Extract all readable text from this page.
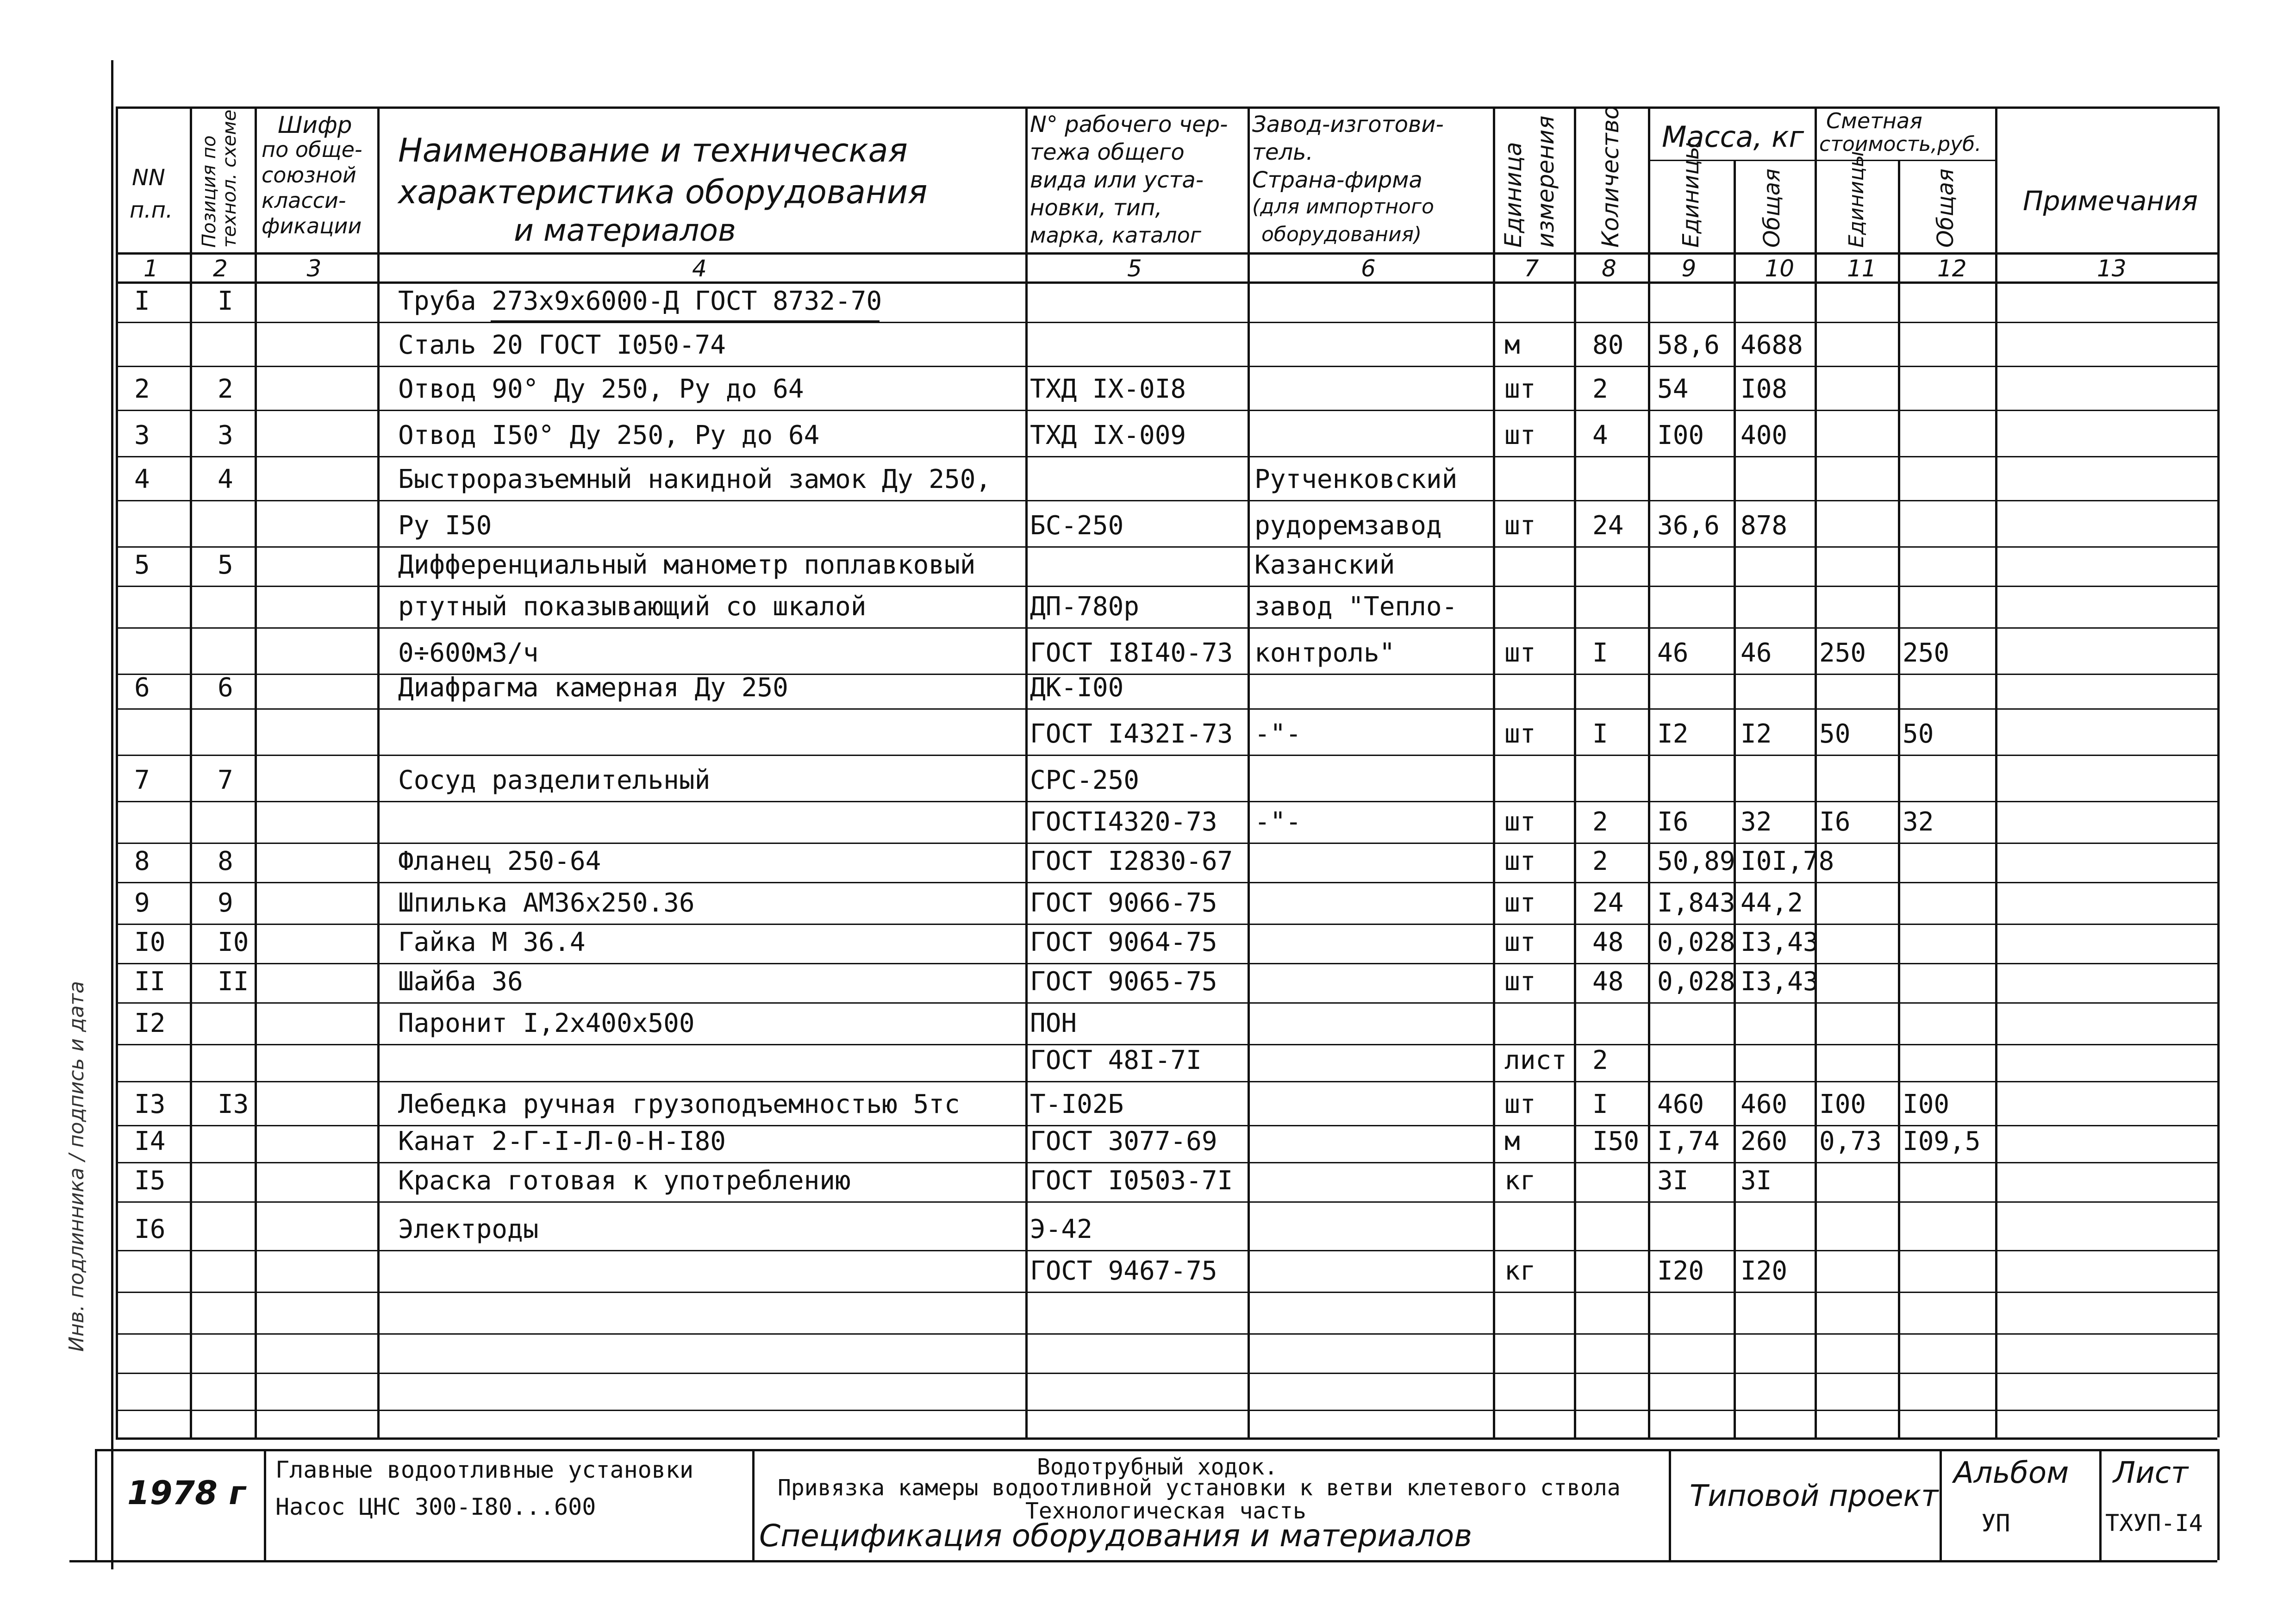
Инв. подлинника / подпись и дата
NN
п.п. Позиция по технол. схеме Шифр
по обще-
союзной
класси-
фикации
Наименование и техническая
характеристика оборудования
и материалов
N° рабочего чер-
тежа общего
вида или уста-
новки, тип,
марка, каталог
Завод-изготови-
тель.
Страна-фирма
(для импортного
оборудования)	Единица измерения Количество Масса, кг
Единицы Общая
Сметная
стоимость,руб.
Единицы	Общая Примечания
1 2	3	4	5	6	7	8	9	10 11	12	13
I	I	Труба 273х9х6000-Д ГОСТ 8732-70
Сталь 20 ГОСТ I050-74	м	80 58,6 4688
2	2	Отвод 90° Ду 250, Ру до 64	ТХД IХ-0I8	шт 2 54 I08
3	3	Отвод I50° Ду 250, Ру до 64	ТХД IХ-009	шт 4 I00 400
4	4	Быстроразъемный накидной замок Ду 250,	Рутченковский
Ру I50	БС-250	рудоремзавод шт 24 36,6 878
5	5	Дифференциальный манометр поплавковый	Казанский
ртутный показывающий со шкалой	ДП-780р	завод "Тепло-
0÷600м3/ч	ГОСТ I8I40-73 контроль"	шт I 46 46 250 250
6	6	Диафрагма камерная Ду 250	ДК-I00
ГОСТ I432I-73 -"-	шт I I2 I2 50 50
7	7	Сосуд разделительный	СРС-250
ГОСТI4320-73 -"-	шт 2 I6 32 I6 32
8	8	Фланец 250-64	ГОСТ I2830-67	шт 2 50,89 I0I,78
9	9	Шпилька АМ36х250.36	ГОСТ 9066-75	шт 24 I,843 44,2
I0 I0	Гайка М 36.4	ГОСТ 9064-75	шт 48 0,028 I3,43
II II	Шайба 36	ГОСТ 9065-75	шт 48 0,028 I3,43
I2	Паронит I,2х400х500	ПОН
ГОСТ 48I-7I	лист 2
I3 I3	Лебедка ручная грузоподъемностью 5тс	Т-I02Б	шт I 460 460 I00 I00
I4	Канат 2-Г-I-Л-0-Н-I80	ГОСТ 3077-69	м	I50 I,74 260 0,73 I09,5
I5	Краска готовая к употреблению	ГОСТ I0503-7I	кг	3I 3I
I6	Электроды	Э-42
ГОСТ 9467-75	кг	I20 I20
1978 г
Главные водоотливные установки
Насос ЦНС 300-I80...600
Водотрубный ходок.
Привязка камеры водоотливной установки к ветви клетевого ствола
Технологическая часть
Спецификация оборудования и материалов
Типовой проект
Альбом
УП
Лист
ТХУП-I4
